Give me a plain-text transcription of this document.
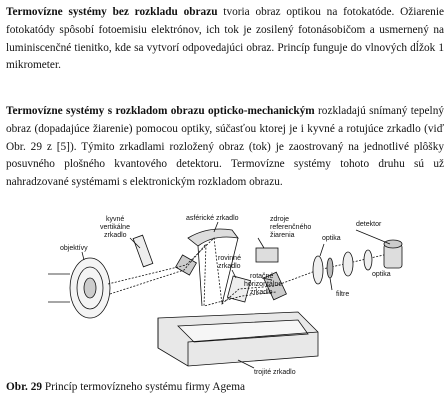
Termovízne systémy bez rozkladu obrazu tvoria obraz optikou na fotokatóde. Ožiarenie fotokatódy spôsobí fotoemisiu elektrónov, ich tok je zosilený fotonásobičom a usmernený na luminiscenčné tienitko, kde sa vytvorí odpovedajúci obraz. Princíp funguje do vlnových dĺžok 1 mikrometer.

Termovízne systémy s rozkladom obrazu opticko-mechanickým rozkladajú snímaný tepelný obraz (dopadajúce žiarenie) pomocou optiky, súčasťou ktorej je i kyvné a rotujúce zrkadlo (viď Obr. 29 z [5]). Týmito zrkadlami rozložený obraz (tok) je zaostrovaný na jednotlivé plôšky posuvného plošného kvantového detektoru. Termovízne systémy tohoto druhu sú už nahradzované systémami s elektronickým rozkladom obrazu.

asférické zrkadlo
kyvné vertikálne zrkadlo
zdroje referenčného žiarenia
detektor
objektívy
optika
optika
rovinné zrkadlo
rotačné horizontálne zrkadlo	filtre
trojité zrkadlo

Obr. 29 Princíp termovízneho systému firmy Agema
